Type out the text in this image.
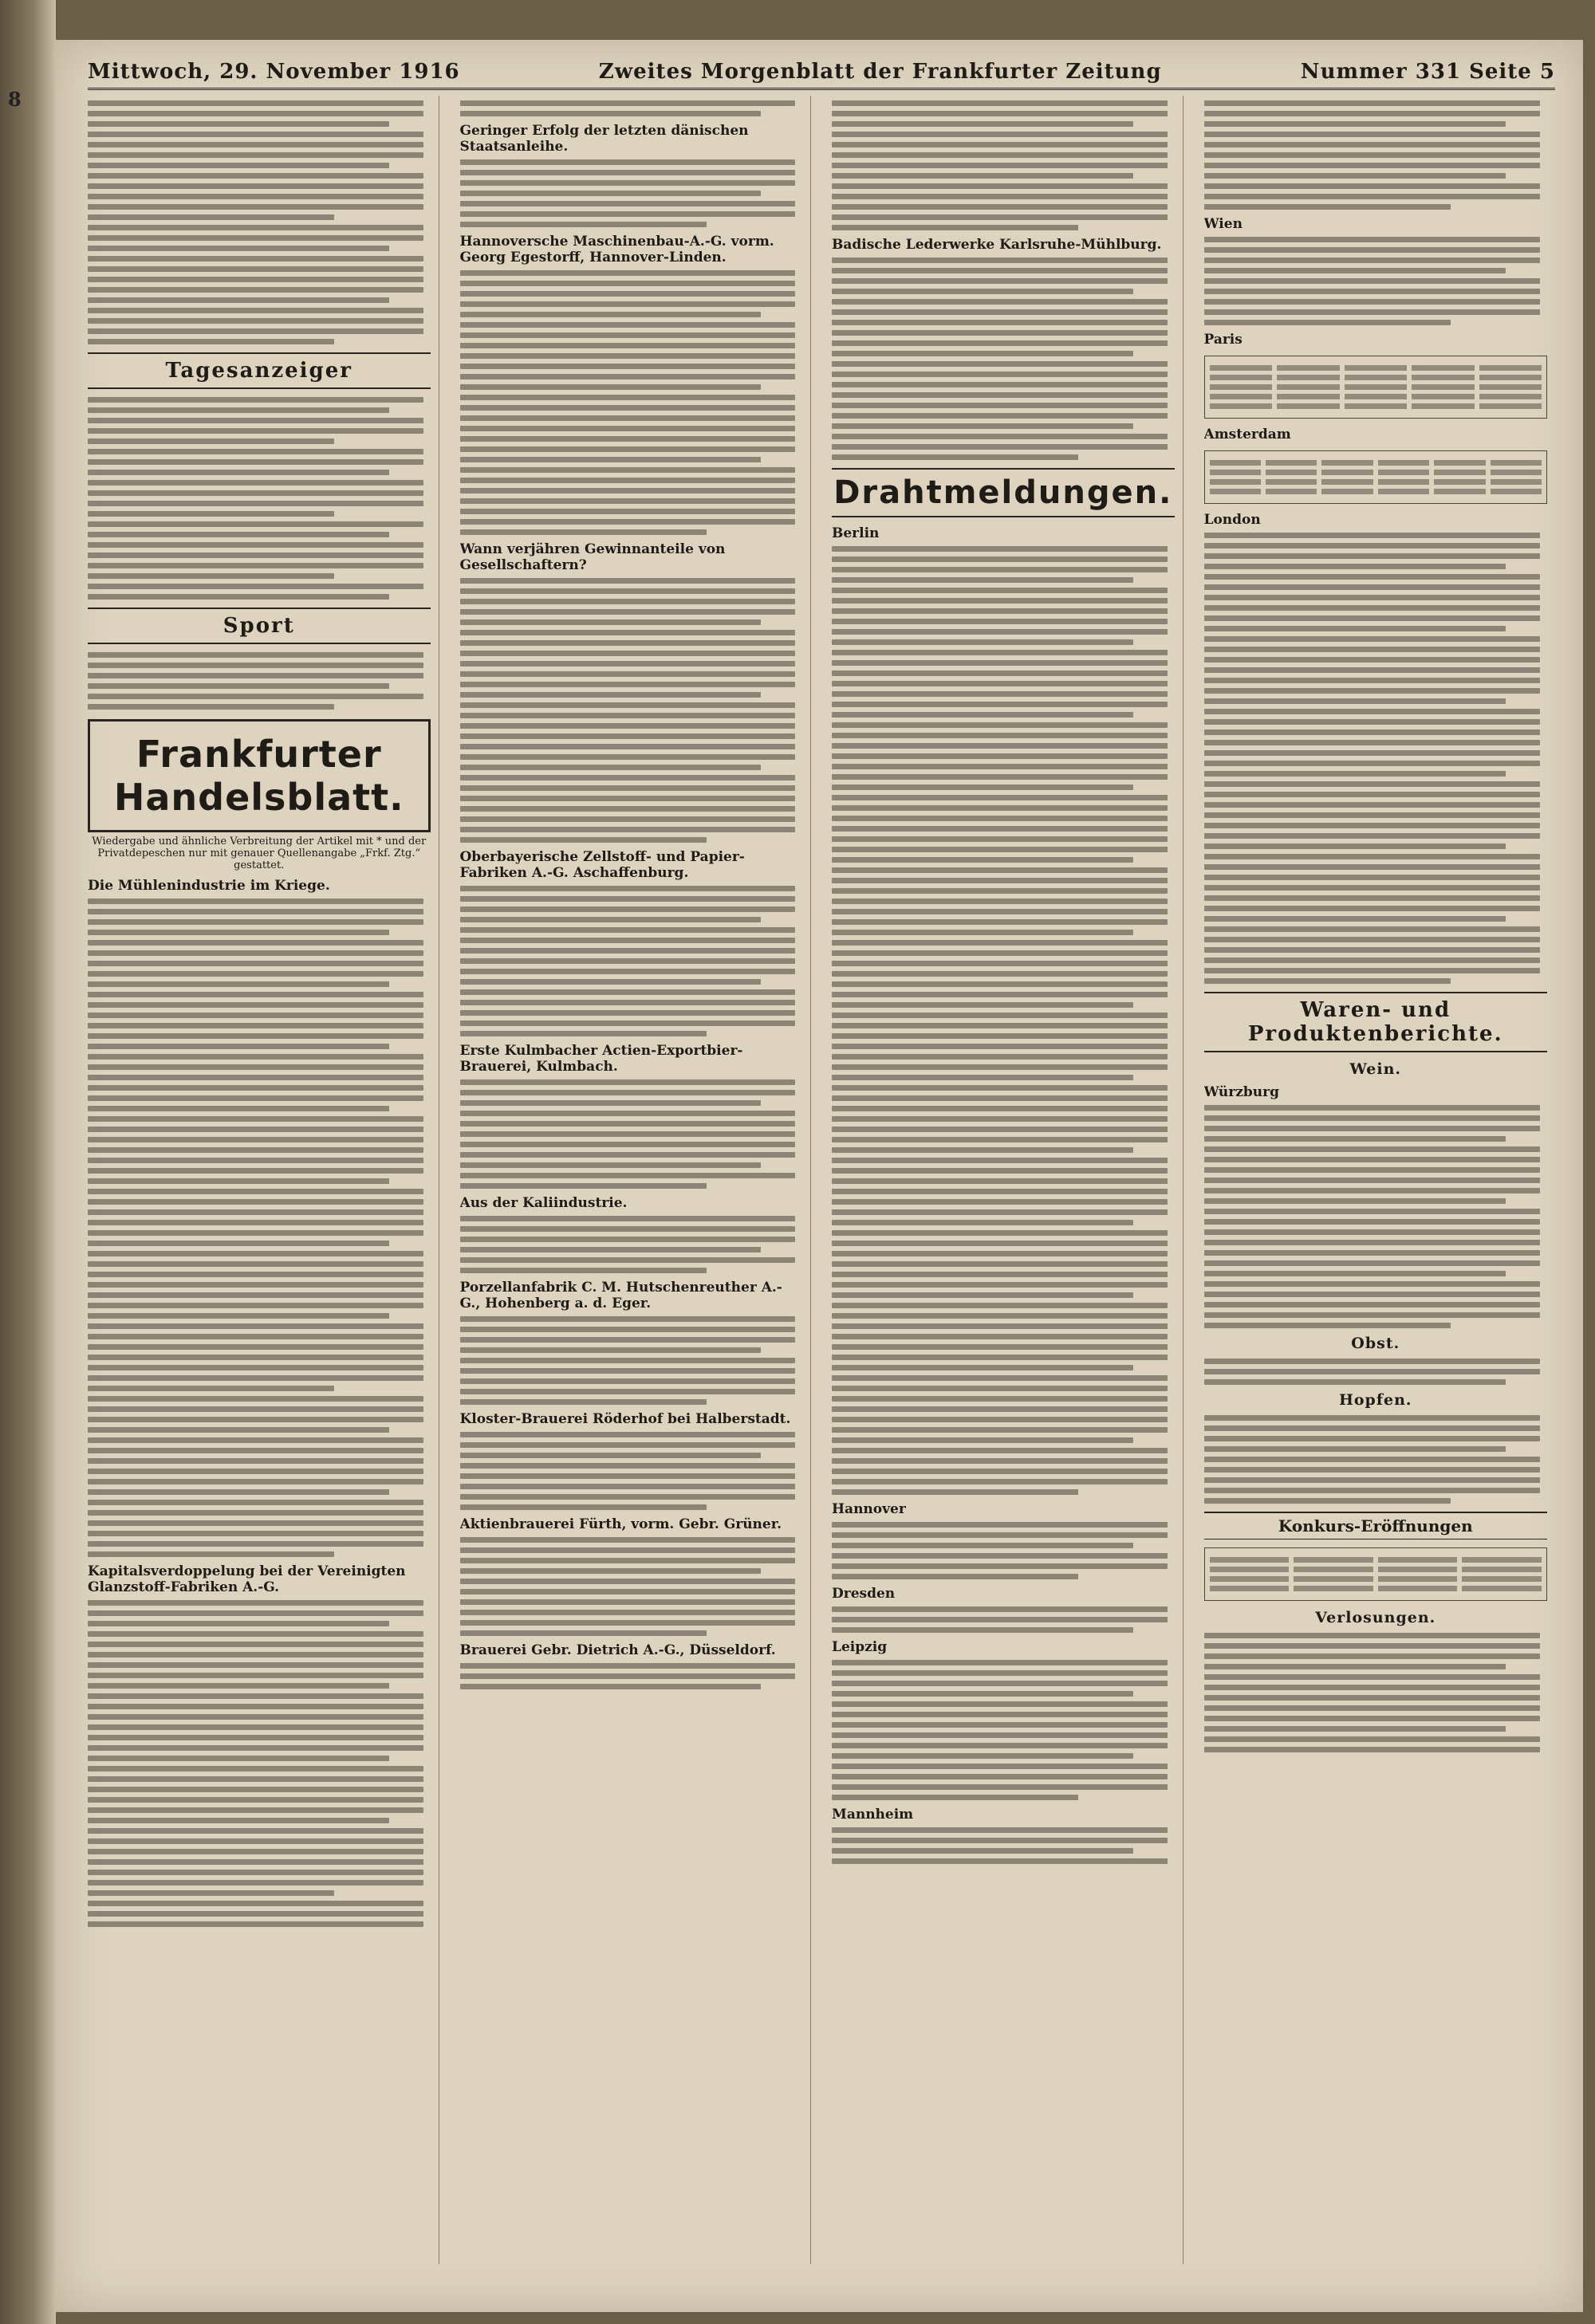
8
Mittwoch, 29. November 1916	Zweites Morgenblatt der Frankfurter Zeitung	Nummer 331 Seite 5
Tagesanzeiger
Sport
Frankfurter Handelsblatt.
Wiedergabe und ähnliche Verbreitung der Artikel mit * und der Privatdepeschen nur mit genauer Quellenangabe „Frkf. Ztg.“ gestattet.
Die Mühlenindustrie im Kriege.
Kapitalsverdoppelung bei der Vereinigten Glanzstoff-Fabriken A.-G.
Geringer Erfolg der letzten dänischen Staatsanleihe.
Hannoversche Maschinenbau-A.-G. vorm. Georg Egestorff, Hannover-Linden.
Wann verjähren Gewinnanteile von Gesellschaftern?
Oberbayerische Zellstoff- und Papier-Fabriken A.-G. Aschaffenburg.
Erste Kulmbacher Actien-Exportbier-Brauerei, Kulmbach.
Aus der Kaliindustrie.
Porzellanfabrik C. M. Hutschenreuther A.-G., Hohenberg a. d. Eger.
Kloster-Brauerei Röderhof bei Halberstadt.
Aktienbrauerei Fürth, vorm. Gebr. Grüner.
Brauerei Gebr. Dietrich A.-G., Düsseldorf.
Badische Lederwerke Karlsruhe-Mühlburg.
Drahtmeldungen.
Berlin
Hannover
Dresden
Leipzig
Mannheim
Wien
Paris
Amsterdam
London
Waren- und Produktenberichte.
Wein.
Würzburg
Obst.
Hopfen.
Konkurs-Eröffnungen
Verlosungen.
